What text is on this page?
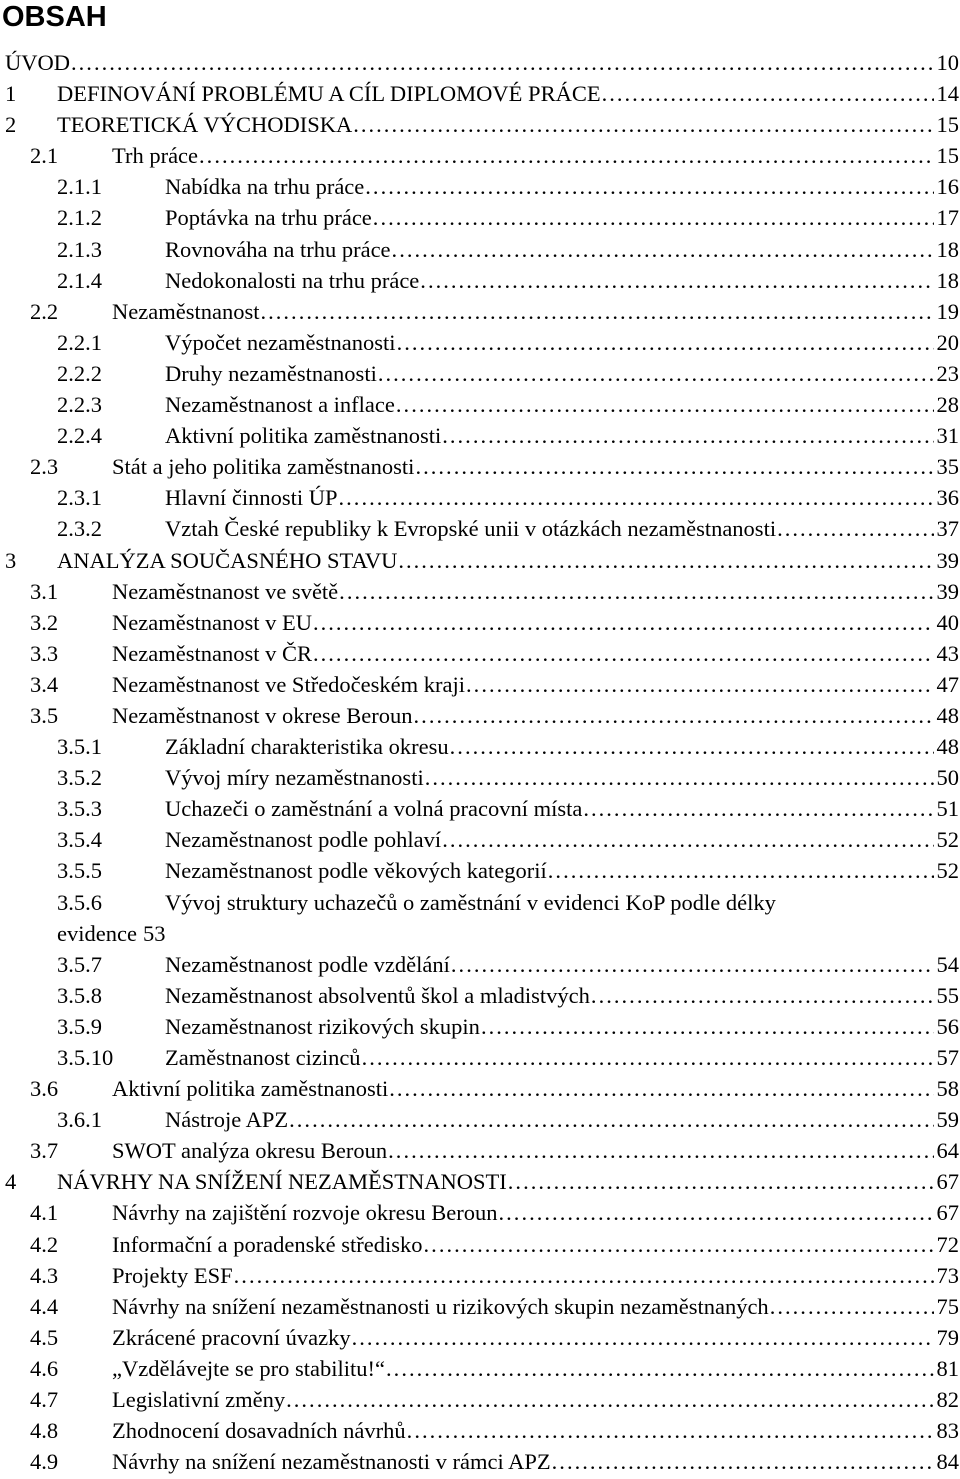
OBSAH
ÚVOD . . .	10
1 DEFINOVÁNÍ PROBLÉMU A CÍL DIPLOMOVÉ PRÁCE . . .	14
2 TEORETICKÁ VÝCHODISKA . . .	15
2.1 Trh práce . . .	15
2.1.1	Nabídka na trhu práce . . .	16
2.1.2	Poptávka na trhu práce . . .	17
2.1.3	Rovnováha na trhu práce . . .	18
2.1.4	Nedokonalosti na trhu práce . . .	18
2.2 Nezaměstnanost . . .	19
2.2.1	Výpočet nezaměstnanosti . . .	20
2.2.2	Druhy nezaměstnanosti . . .	23
2.2.3	Nezaměstnanost a inflace . . .	28
2.2.4	Aktivní politika zaměstnanosti . . .	31
2.3 Stát a jeho politika zaměstnanosti . . .	35
2.3.1	Hlavní činnosti ÚP . . .	36
2.3.2	Vztah České republiky k Evropské unii v otázkách nezaměstnanosti . . .	37
3 ANALÝZA SOUČASNÉHO STAVU . . .	39
3.1 Nezaměstnanost ve světě . . .	39
3.2 Nezaměstnanost v EU . . .	40
3.3 Nezaměstnanost v ČR . . .	43
3.4 Nezaměstnanost ve Středočeském kraji . . .	47
3.5 Nezaměstnanost v okrese Beroun . . .	48
3.5.1	Základní charakteristika okresu . . .	48
3.5.2	Vývoj míry nezaměstnanosti . . .	50
3.5.3	Uchazeči o zaměstnání a volná pracovní místa . . .	51
3.5.4	Nezaměstnanost podle pohlaví . . .	52
3.5.5	Nezaměstnanost podle věkových kategorií . . .	52
3.5.6	Vývoj struktury uchazečů o zaměstnání v evidenci KoP podle délky
evidence 53
3.5.7	Nezaměstnanost podle vzdělání . . .	54
3.5.8	Nezaměstnanost absolventů škol a mladistvých . . .	55
3.5.9	Nezaměstnanost rizikových skupin . . .	56
3.5.10 Zaměstnanost cizinců . . .	57
3.6 Aktivní politika zaměstnanosti . . .	58
3.6.1	Nástroje APZ . . .	59
3.7 SWOT analýza okresu Beroun . . .	64
4 NÁVRHY NA SNÍŽENÍ NEZAMĚSTNANOSTI . . .	67
4.1 Návrhy na zajištění rozvoje okresu Beroun . . .	67
4.2 Informační a poradenské středisko . . .	72
4.3 Projekty ESF . . .	73
4.4 Návrhy na snížení nezaměstnanosti u rizikových skupin nezaměstnaných . . .	75
4.5 Zkrácené pracovní úvazky . . .	79
4.6 „Vzdělávejte se pro stabilitu!“ . . .	81
4.7 Legislativní změny . . .	82
4.8 Zhodnocení dosavadních návrhů . . .	83
4.9 Návrhy na snížení nezaměstnanosti v rámci APZ . . .	84
